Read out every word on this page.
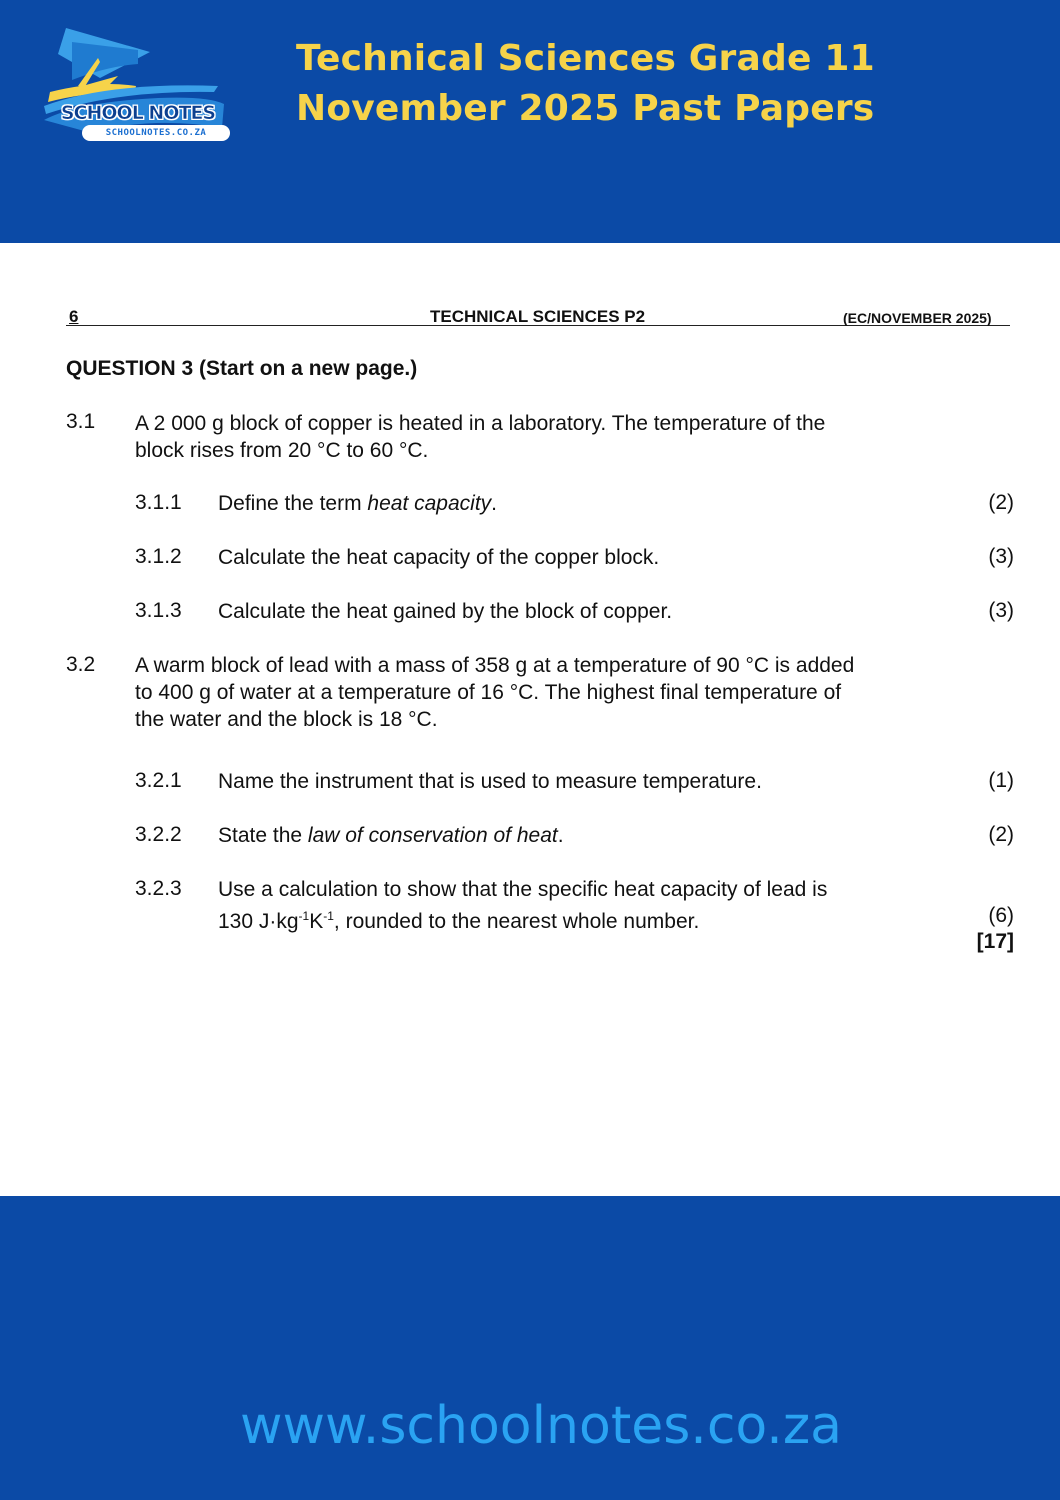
SCHOOL NOTES
SCHOOLNOTES.CO.ZA
Technical Sciences Grade 11
November 2025 Past Papers
6	TECHNICAL SCIENCES P2	(EC/NOVEMBER 2025)
QUESTION 3 (Start on a new page.)
3.1 A 2 000 g block of copper is heated in a laboratory. The temperature of the
block rises from 20 °C to 60 °C.
3.1.1 Define the term heat capacity.	(2)
3.1.2 Calculate the heat capacity of the copper block.	(3)
3.1.3 Calculate the heat gained by the block of copper.	(3)
3.2 A warm block of lead with a mass of 358 g at a temperature of 90 °C is added
to 400 g of water at a temperature of 16 °C. The highest final temperature of
the water and the block is 18 °C.
3.2.1 Name the instrument that is used to measure temperature.	(1)
3.2.2 State the law of conservation of heat.	(2)
3.2.3 Use a calculation to show that the specific heat capacity of lead is
130 $J\cdot kg^{-1}K^{-1}$, rounded to the nearest whole number.	(6)
[17]
www.schoolnotes.co.za
